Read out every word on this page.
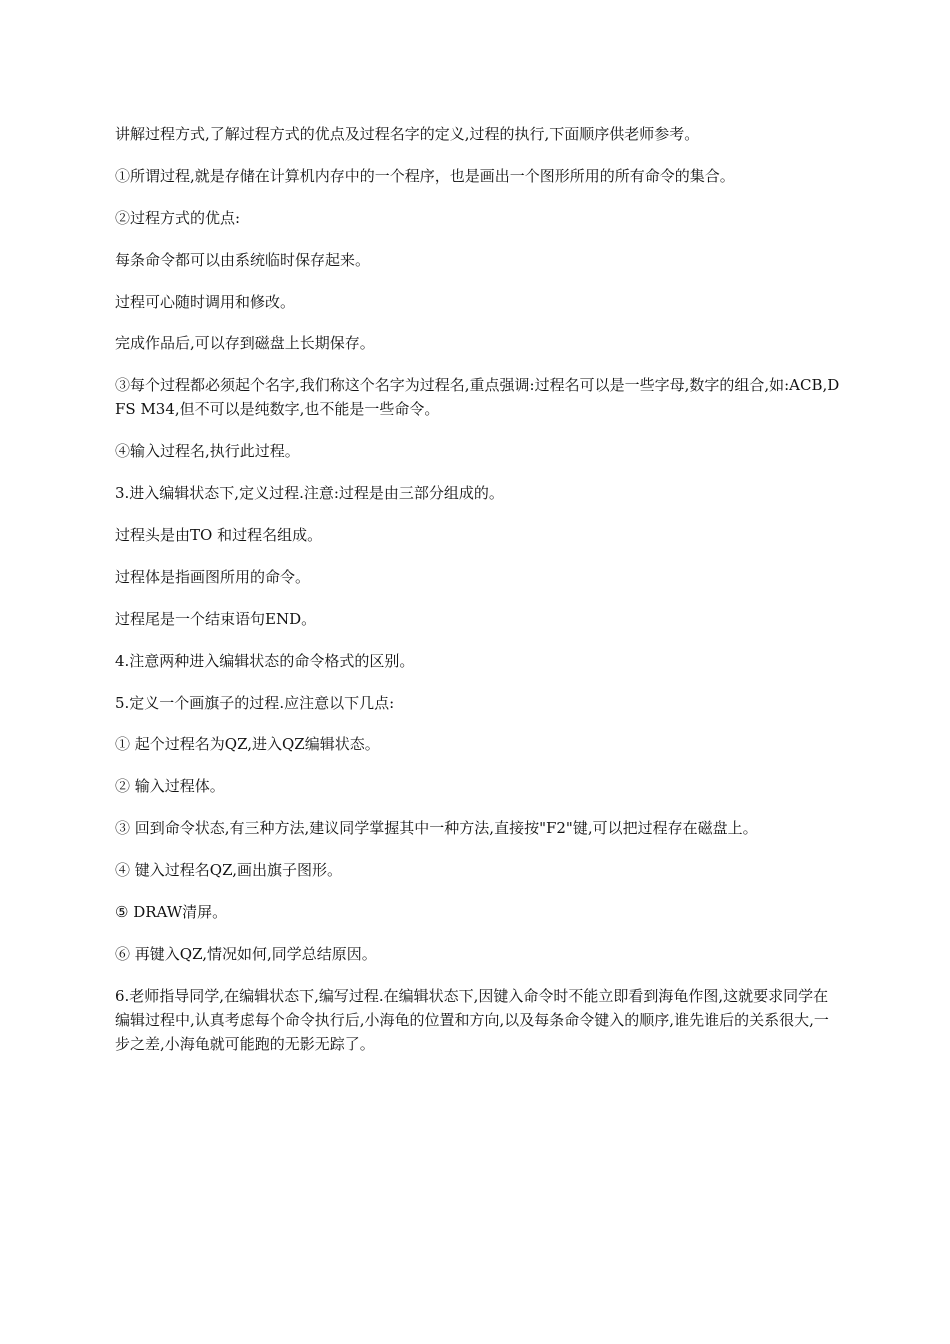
讲解过程方式,了解过程方式的优点及过程名字的定义,过程的执行,下面顺序供老师参考。

①所谓过程,就是存储在计算机内存中的一个程序，也是画出一个图形所用的所有命令的集合。

②过程方式的优点:

每条命令都可以由系统临时保存起来。

过程可心随时调用和修改。

完成作品后,可以存到磁盘上长期保存。

③每个过程都必须起个名字,我们称这个名字为过程名,重点强调:过程名可以是一些字母,数字的组合,如:ACB,DFS M34,但不可以是纯数字,也不能是一些命令。

④输入过程名,执行此过程。

3.进入编辑状态下,定义过程.注意:过程是由三部分组成的。

过程头是由TO 和过程名组成。

过程体是指画图所用的命令。

过程尾是一个结束语句END。

4.注意两种进入编辑状态的命令格式的区别。

5.定义一个画旗子的过程.应注意以下几点:

① 起个过程名为QZ,进入QZ编辑状态。

② 输入过程体。

③ 回到命令状态,有三种方法,建议同学掌握其中一种方法,直接按"F2"键,可以把过程存在磁盘上。

④ 键入过程名QZ,画出旗子图形。

⑤ DRAW清屏。

⑥ 再键入QZ,情况如何,同学总结原因。

6.老师指导同学,在编辑状态下,编写过程.在编辑状态下,因键入命令时不能立即看到海龟作图,这就要求同学在编辑过程中,认真考虑每个命令执行后,小海龟的位置和方向,以及每条命令键入的顺序,谁先谁后的关系很大,一步之差,小海龟就可能跑的无影无踪了。
